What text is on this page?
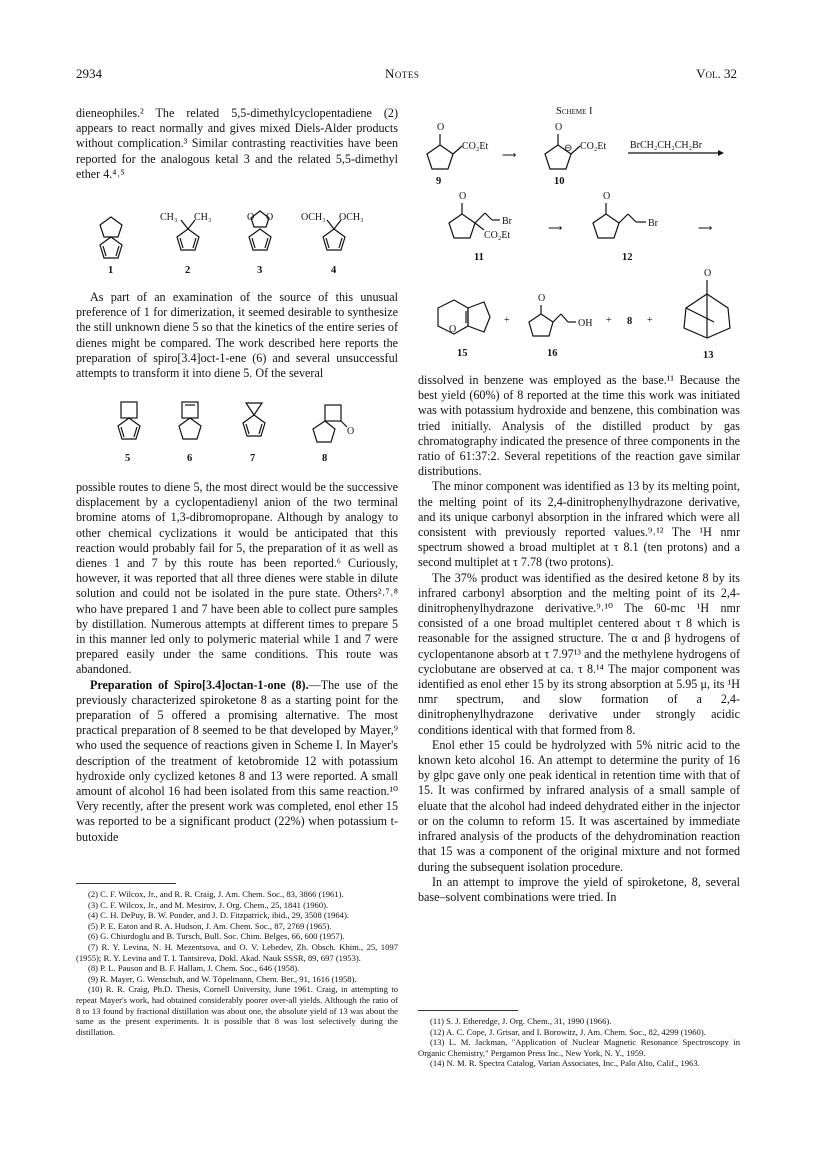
2934	Notes	Vol. 32

dieneophiles.² The related 5,5-dimethylcyclopentadiene (2) appears to react normally and gives mixed Diels-Alder products without complication.³ Similar contrasting reactivities have been reported for the analogous ketal 3 and the related 5,5-dimethyl ether 4.⁴˒⁵

CH₃ CH₃	O O	OCH₃ OCH₃
1	2	3	4

As part of an examination of the source of this unusual preference of 1 for dimerization, it seemed desirable to synthesize the still unknown diene 5 so that the kinetics of the entire series of dienes might be compared. The work described here reports the preparation of spiro[3.4]oct-1-ene (6) and several unsuccessful attempts to transform it into diene 5. Of the several

O
5	6	7	8

possible routes to diene 5, the most direct would be the successive displacement by a cyclopentadienyl anion of the two terminal bromine atoms of 1,3-dibromopropane. Although by analogy to other chemical cyclizations it would be anticipated that this reaction would probably fail for 5, the preparation of it as well as dienes 1 and 7 by this route has been reported.⁶ Curiously, however, it was reported that all three dienes were stable in dilute solution and could not be isolated in the pure state. Others²˒⁷˒⁸ who have prepared 1 and 7 have been able to collect pure samples by distillation. Numerous attempts at different times to prepare 5 in this manner led only to polymeric material while 1 and 7 were prepared easily under the same conditions. This route was abandoned.

Preparation of Spiro[3.4]octan-1-one (8).—The use of the previously characterized spiroketone 8 as a starting point for the preparation of 5 offered a promising alternative. The most practical preparation of 8 seemed to be that developed by Mayer,⁹ who used the sequence of reactions given in Scheme I. In Mayer's description of the treatment of ketobromide 12 with potassium hydroxide only cyclized ketones 8 and 13 were reported. A small amount of alcohol 16 had been isolated from this same reaction.¹⁰ Very recently, after the present work was completed, enol ether 15 was reported to be a significant product (22%) when potassium t-butoxide

(2) C. F. Wilcox, Jr., and R. R. Craig, J. Am. Chem. Soc., 83, 3866 (1961).
(3) C. F. Wilcox, Jr., and M. Mesirov, J. Org. Chem., 25, 1841 (1960).
(4) C. H. DePuy, B. W. Ponder, and J. D. Fitzpatrick, ibid., 29, 3508 (1964).
(5) P. E. Eaton and R. A. Hudson, J. Am. Chem. Soc., 87, 2769 (1965).
(6) G. Chiurdoglu and B. Tursch, Bull. Soc. Chim. Belges, 66, 600 (1957).
(7) R. Y. Levina, N. H. Mezentsova, and O. V. Lebedev, Zh. Obsch. Khim., 25, 1097 (1955); R. Y. Levina and T. I. Tantsireva, Dokl. Akad. Nauk SSSR, 89, 697 (1953).
(8) P. L. Pauson and B. F. Hallam, J. Chem. Soc., 646 (1958).
(9) R. Mayer, G. Wenschuh, and W. Töpelmann, Chem. Ber., 91, 1616 (1958).
(10) R. R. Craig, Ph.D. Thesis, Cornell University, June 1961. Craig, in attempting to repeat Mayer's work, had obtained considerably poorer over-all yields. Although the ratio of 8 to 13 found by fractional distillation was about one, the absolute yield of 13 was about the same as the present experiments. It is possible that 8 was lost selectively during the distillation.
Scheme I
O
CO₂Et
9
⟶
O
⊖ CO₂Et
10
BrCH₂CH₂CH₂Br
O
Br
CO₂Et
11
⟶
O
Br
12
⟶
O
15
+
O
OH
16
+ 8 +
O
13

dissolved in benzene was employed as the base.¹¹ Because the best yield (60%) of 8 reported at the time this work was initiated was with potassium hydroxide and benzene, this combination was tried initially. Analysis of the distilled product by gas chromatography indicated the presence of three components in the ratio of 61:37:2. Several repetitions of the reaction gave similar distributions.

The minor component was identified as 13 by its melting point, the melting point of its 2,4-dinitrophenylhydrazone derivative, and its unique carbonyl absorption in the infrared which were all consistent with previously reported values.⁹˒¹² The ¹H nmr spectrum showed a broad multiplet at τ 8.1 (ten protons) and a second multiplet at τ 7.78 (two protons).

The 37% product was identified as the desired ketone 8 by its infrared carbonyl absorption and the melting point of its 2,4-dinitrophenylhydrazone derivative.⁹˒¹⁰ The 60-mc ¹H nmr consisted of a one broad multiplet centered about τ 8 which is reasonable for the assigned structure. The α and β hydrogens of cyclopentanone absorb at τ 7.97¹³ and the methylene hydrogens of cyclobutane are observed at ca. τ 8.¹⁴ The major component was identified as enol ether 15 by its strong absorption at 5.95 μ, its ¹H nmr spectrum, and slow formation of a 2,4-dinitrophenylhydrazone derivative under strongly acidic conditions identical with that formed from 8.

Enol ether 15 could be hydrolyzed with 5% nitric acid to the known keto alcohol 16. An attempt to determine the purity of 16 by glpc gave only one peak identical in retention time with that of 15. It was confirmed by infrared analysis of a small sample of eluate that the alcohol had indeed dehydrated either in the injector or on the column to reform 15. It was ascertained by immediate infrared analysis of the products of the dehydromination reaction that 15 was a component of the original mixture and not formed during the subsequent isolation procedure.

In an attempt to improve the yield of spiroketone, 8, several base–solvent combinations were tried. In

(11) S. J. Etheredge, J. Org. Chem., 31, 1990 (1966).
(12) A. C. Cope, J. Grisar, and I. Borowitz, J. Am. Chem. Soc., 82, 4299 (1960).
(13) L. M. Jackman, "Application of Nuclear Magnetic Resonance Spectroscopy in Organic Chemistry," Pergamon Press Inc., New York, N. Y., 1959.
(14) N. M. R. Spectra Catalog, Varian Associates, Inc., Palo Alto, Calif., 1963.
